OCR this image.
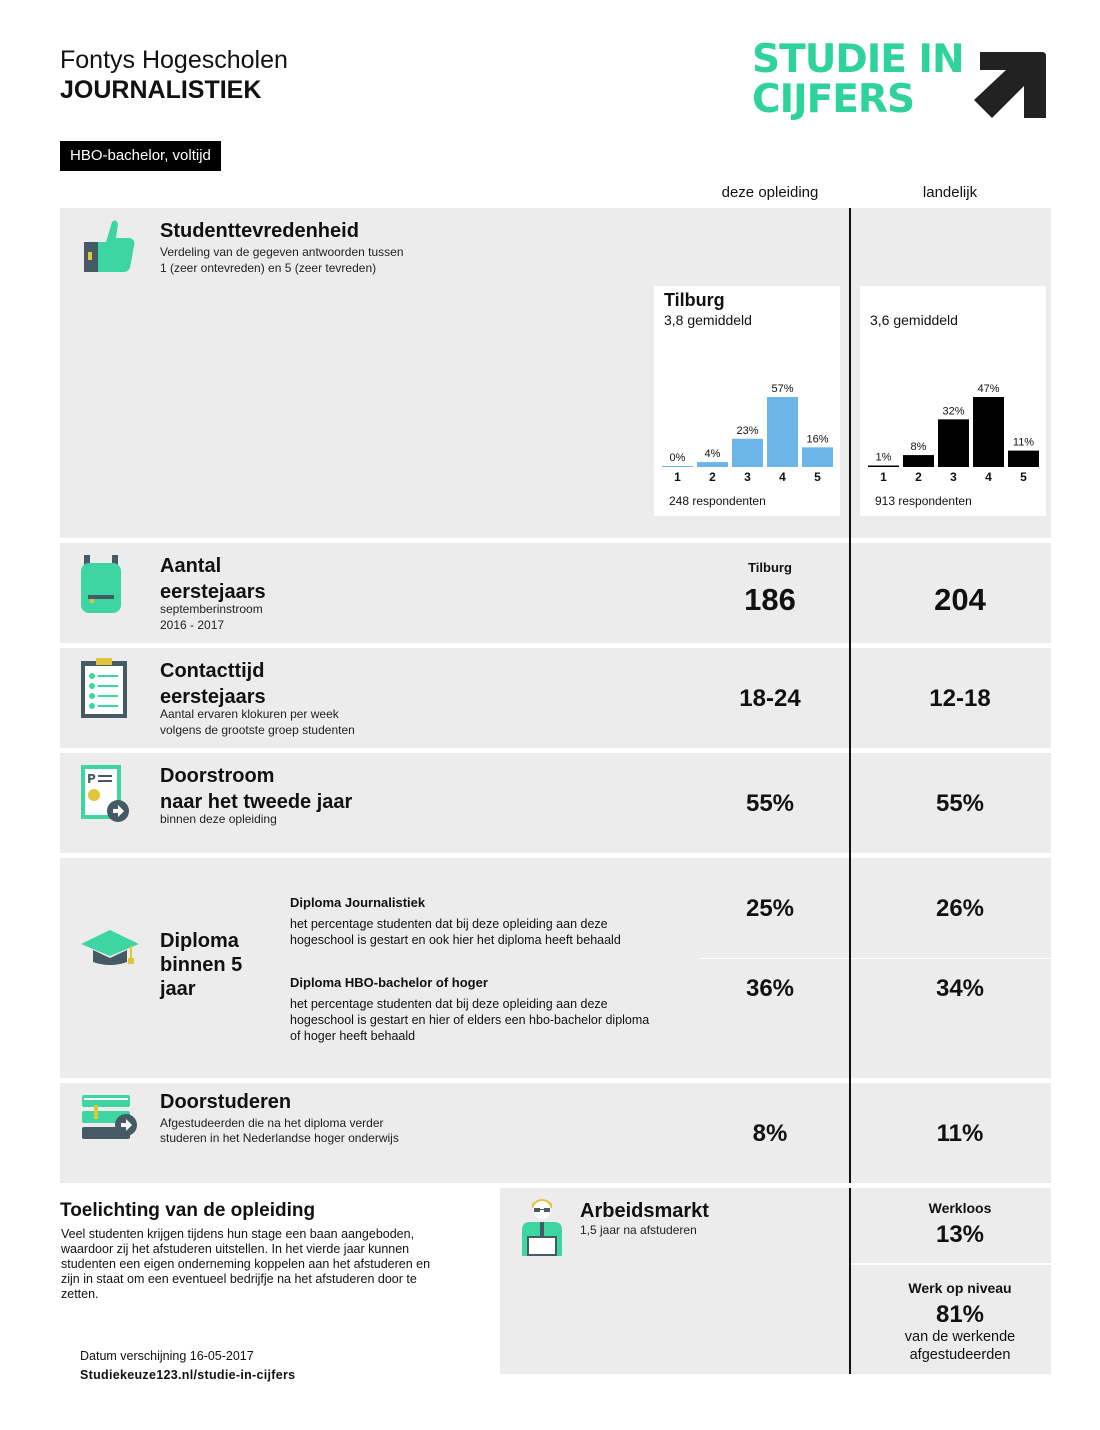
Fontys Hogescholen
JOURNALISTIEK
STUDIE IN
CIJFERS
HBO-bachelor, voltijd
deze opleiding	landelijk
Studenttevredenheid
Verdeling van de gegeven antwoorden tussen
1 (zeer ontevreden) en 5 (zeer tevreden)
Tilburg
3,8 gemiddeld
0%
1
4%
2
23%
3
57%
4
16%
5
248 respondenten
3,6 gemiddeld
1%
1
8%
2
32%
3
47%
4
11%
5
913 respondenten
Aantal
eerstejaars
septemberinstroom
2016 - 2017
Tilburg
186	204
Contacttijd
eerstejaars
Aantal ervaren klokuren per week
volgens de grootste groep studenten
18-24	12-18
P	Doorstroom
naar het tweede jaar
binnen deze opleiding
55%	55%
Diploma
binnen 5
jaar
Diploma Journalistiek
het percentage studenten dat bij deze opleiding aan deze hogeschool is gestart en ook hier het diploma heeft behaald
25%	26%
Diploma HBO-bachelor of hoger
het percentage studenten dat bij deze opleiding aan deze hogeschool is gestart en hier of elders een hbo-bachelor diploma of hoger heeft behaald
36%	34%
Doorstuderen
Afgestudeerden die na het diploma verder
studeren in het Nederlandse hoger onderwijs	8%	11%
Toelichting van de opleiding
Veel studenten krijgen tijdens hun stage een baan aangeboden, waardoor zij het afstuderen uitstellen. In het vierde jaar kunnen studenten een eigen onderneming koppelen aan het afstuderen en zijn in staat om een eventueel bedrijfje na het afstuderen door te zetten.
Datum verschijning 16-05-2017
Studiekeuze123.nl/studie-in-cijfers
Arbeidsmarkt
1,5 jaar na afstuderen
Werkloos
13%
Werk op niveau
81%
van de werkende
afgestudeerden
